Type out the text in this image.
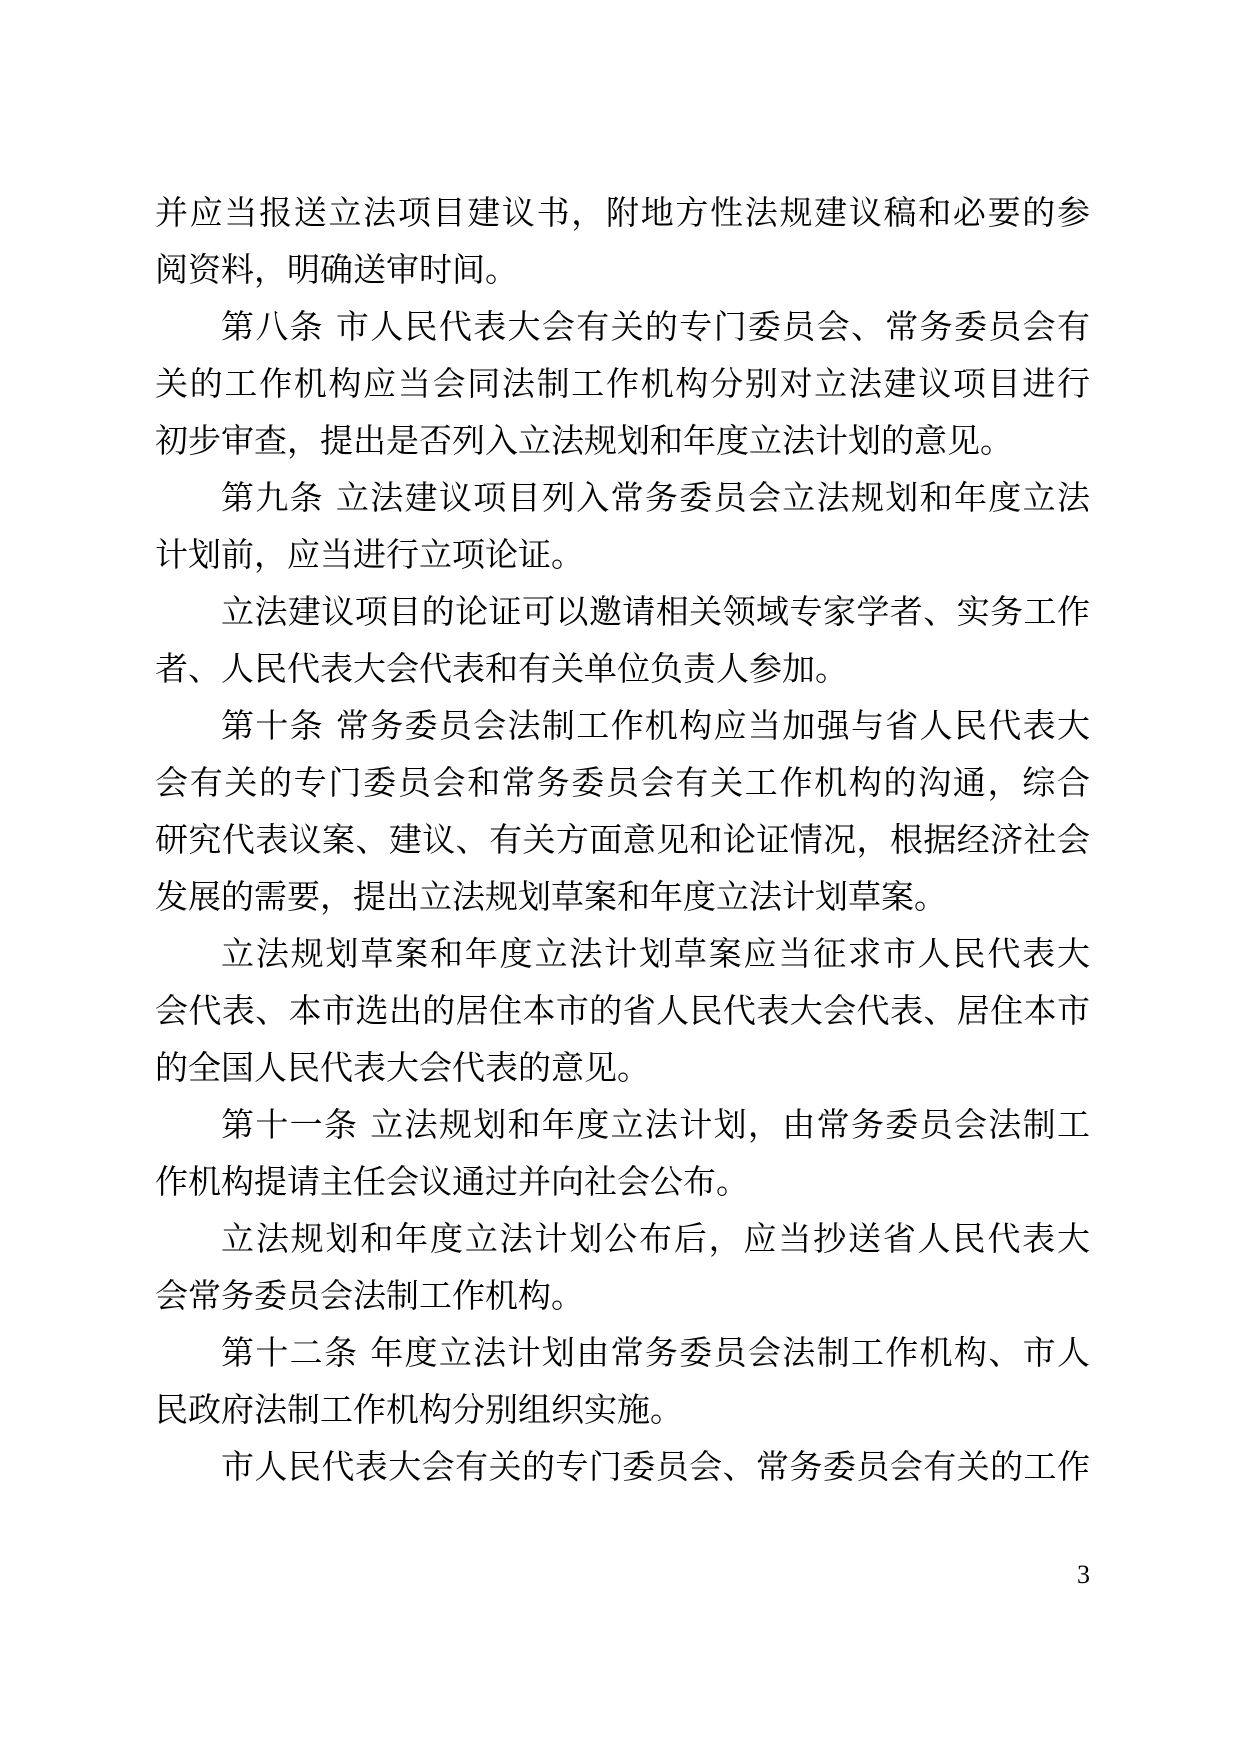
并应当报送立法项目建议书，附地方性法规建议稿和必要的参
阅资料，明确送审时间。
第八条 市人民代表大会有关的专门委员会、常务委员会有
关的工作机构应当会同法制工作机构分别对立法建议项目进行
初步审查，提出是否列入立法规划和年度立法计划的意见。
第九条 立法建议项目列入常务委员会立法规划和年度立法
计划前，应当进行立项论证。
立法建议项目的论证可以邀请相关领域专家学者、实务工作
者、人民代表大会代表和有关单位负责人参加。
第十条 常务委员会法制工作机构应当加强与省人民代表大
会有关的专门委员会和常务委员会有关工作机构的沟通，综合
研究代表议案、建议、有关方面意见和论证情况，根据经济社会
发展的需要，提出立法规划草案和年度立法计划草案。
立法规划草案和年度立法计划草案应当征求市人民代表大
会代表、本市选出的居住本市的省人民代表大会代表、居住本市
的全国人民代表大会代表的意见。
第十一条 立法规划和年度立法计划，由常务委员会法制工
作机构提请主任会议通过并向社会公布。
立法规划和年度立法计划公布后，应当抄送省人民代表大
会常务委员会法制工作机构。
第十二条 年度立法计划由常务委员会法制工作机构、市人
民政府法制工作机构分别组织实施。
市人民代表大会有关的专门委员会、常务委员会有关的工作
3
